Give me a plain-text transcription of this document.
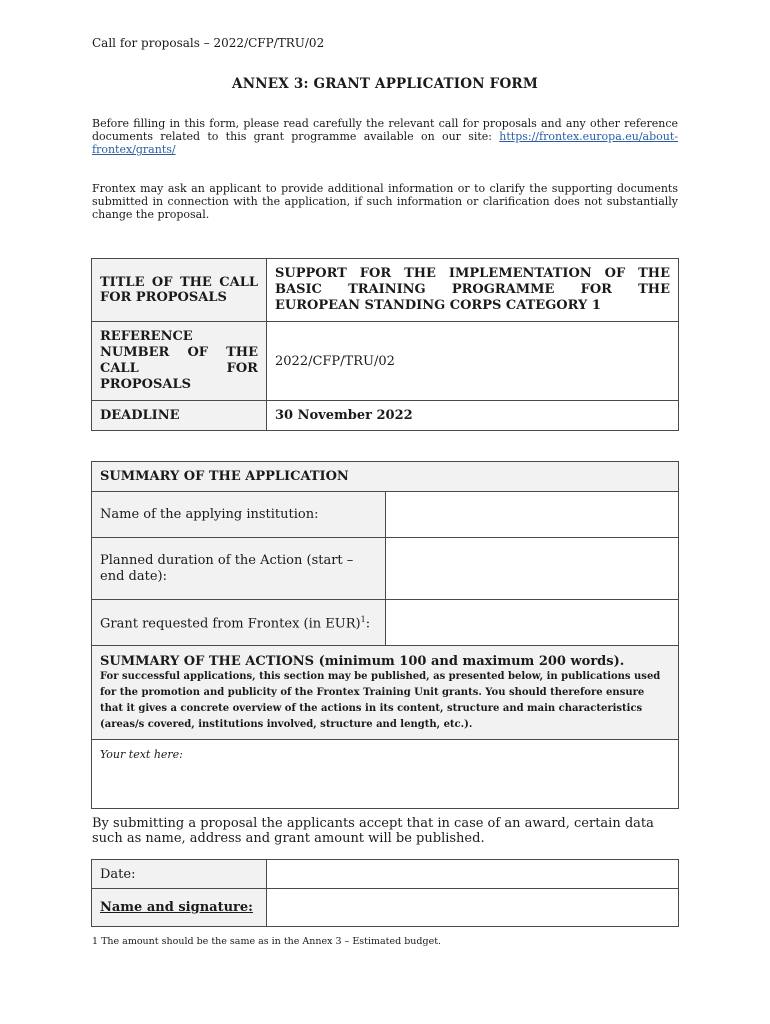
Call for proposals – 2022/CFP/TRU/02
ANNEX 3: GRANT APPLICATION FORM
Before filling in this form, please read carefully the relevant call for proposals and any other reference documents related to this grant programme available on our site: https://frontex.europa.eu/about-frontex/grants/
Frontex may ask an applicant to provide additional information or to clarify the supporting documents submitted in connection with the application, if such information or clarification does not substantially change the proposal.
TITLE OF THE CALL FOR PROPOSALS	SUPPORT FOR THE IMPLEMENTATION OF THE BASIC TRAINING PROGRAMME FOR THE EUROPEAN STANDING CORPS CATEGORY 1
REFERENCE NUMBER OF THE CALL FOR PROPOSALS	2022/CFP/TRU/02
DEADLINE	30 November 2022
SUMMARY OF THE APPLICATION	
Name of the applying institution:	
Planned duration of the Action (start – end date):	
Grant requested from Frontex (in EUR)$^1$:	

SUMMARY OF THE ACTIONS (minimum 100 and maximum 200 words).
For successful applications, this section may be published, as presented below, in publications used for the promotion and publicity of the Frontex Training Unit grants. You should therefore ensure that it gives a concrete overview of the actions in its content, structure and main characteristics (areas/s covered, institutions involved, structure and length, etc.).	

Your text here:	
By submitting a proposal the applicants accept that in case of an award, certain data such as name, address and grant amount will be published.
Date:	
Name and signature:	
1 The amount should be the same as in the Annex 3 – Estimated budget.
